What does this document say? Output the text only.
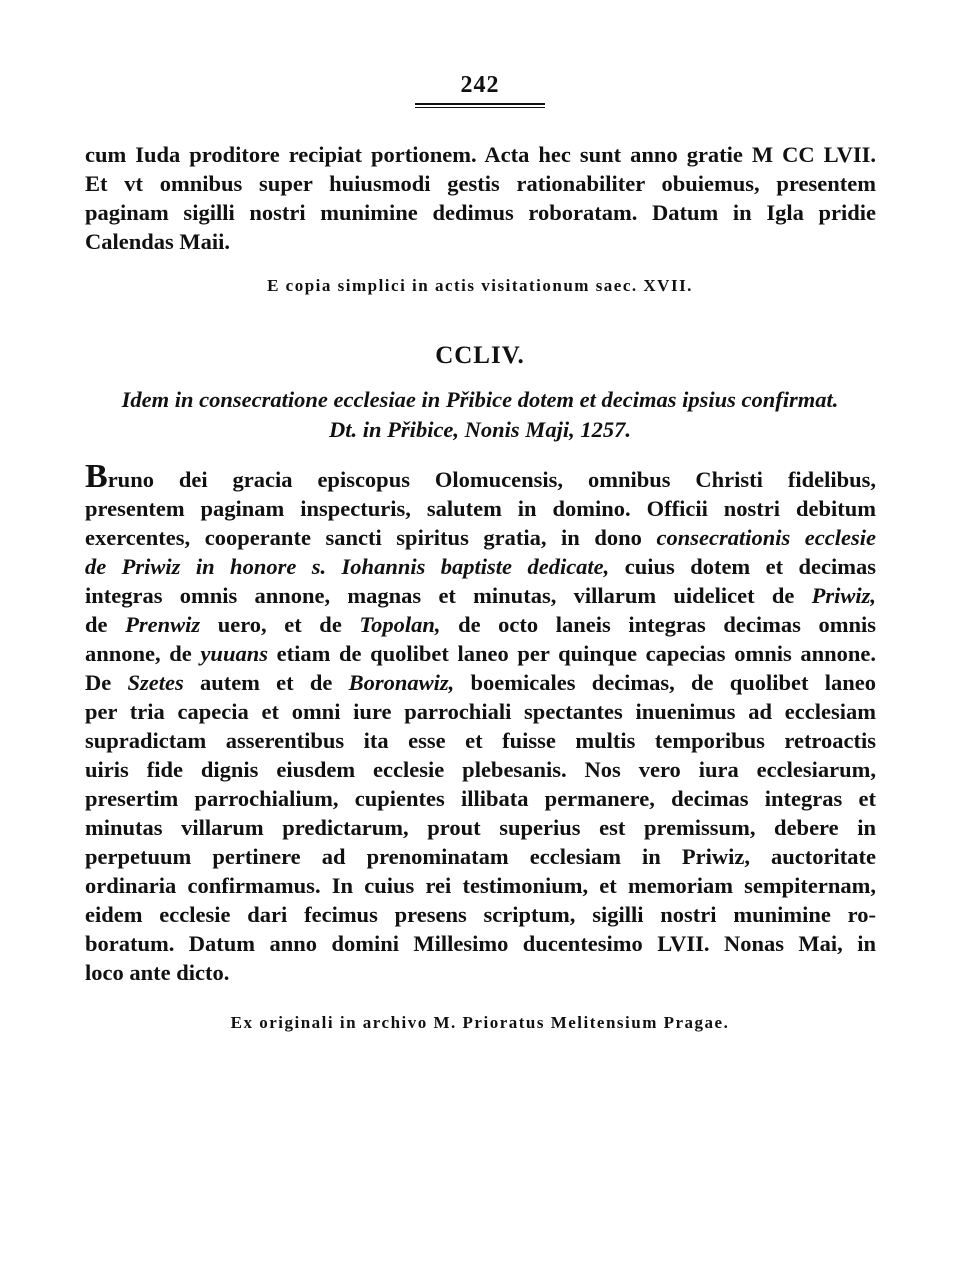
242
cum Iuda proditore recipiat portionem. Acta hec sunt anno gratie M CC LVII.
Et vt omnibus super huiusmodi gestis rationabiliter obuiemus, presentem
paginam sigilli nostri munimine dedimus roboratam. Datum in Igla pridie
Calendas Maii.
E copia simplici in actis visitationum saec. XVII.
CCLIV.
Idem in consecratione ecclesiae in Přibice dotem et decimas ipsius confirmat.
Dt. in Přibice, Nonis Maji, 1257.
Bruno dei gracia episcopus Olomucensis, omnibus Christi fidelibus,
presentem paginam inspecturis, salutem in domino. Officii nostri debitum
exercentes, cooperante sancti spiritus gratia, in dono consecrationis ecclesie
de Priwiz in honore s. Iohannis baptiste dedicate, cuius dotem et decimas
integras omnis annone, magnas et minutas, villarum uidelicet de Priwiz,
de Prenwiz uero, et de Topolan, de octo laneis integras decimas omnis
annone, de yuuans etiam de quolibet laneo per quinque capecias omnis annone.
De Szetes autem et de Boronawiz, boemicales decimas, de quolibet laneo
per tria capecia et omni iure parrochiali spectantes inuenimus ad ecclesiam
supradictam asserentibus ita esse et fuisse multis temporibus retroactis
uiris fide dignis eiusdem ecclesie plebesanis. Nos vero iura ecclesiarum,
presertim parrochialium, cupientes illibata permanere, decimas integras et
minutas villarum predictarum, prout superius est premissum, debere in
perpetuum pertinere ad prenominatam ecclesiam in Priwiz, auctoritate
ordinaria confirmamus. In cuius rei testimonium, et memoriam sempiternam,
eidem ecclesie dari fecimus presens scriptum, sigilli nostri munimine ro-
boratum. Datum anno domini Millesimo ducentesimo LVII. Nonas Mai, in
loco ante dicto.
Ex originali in archivo M. Prioratus Melitensium Pragae.
